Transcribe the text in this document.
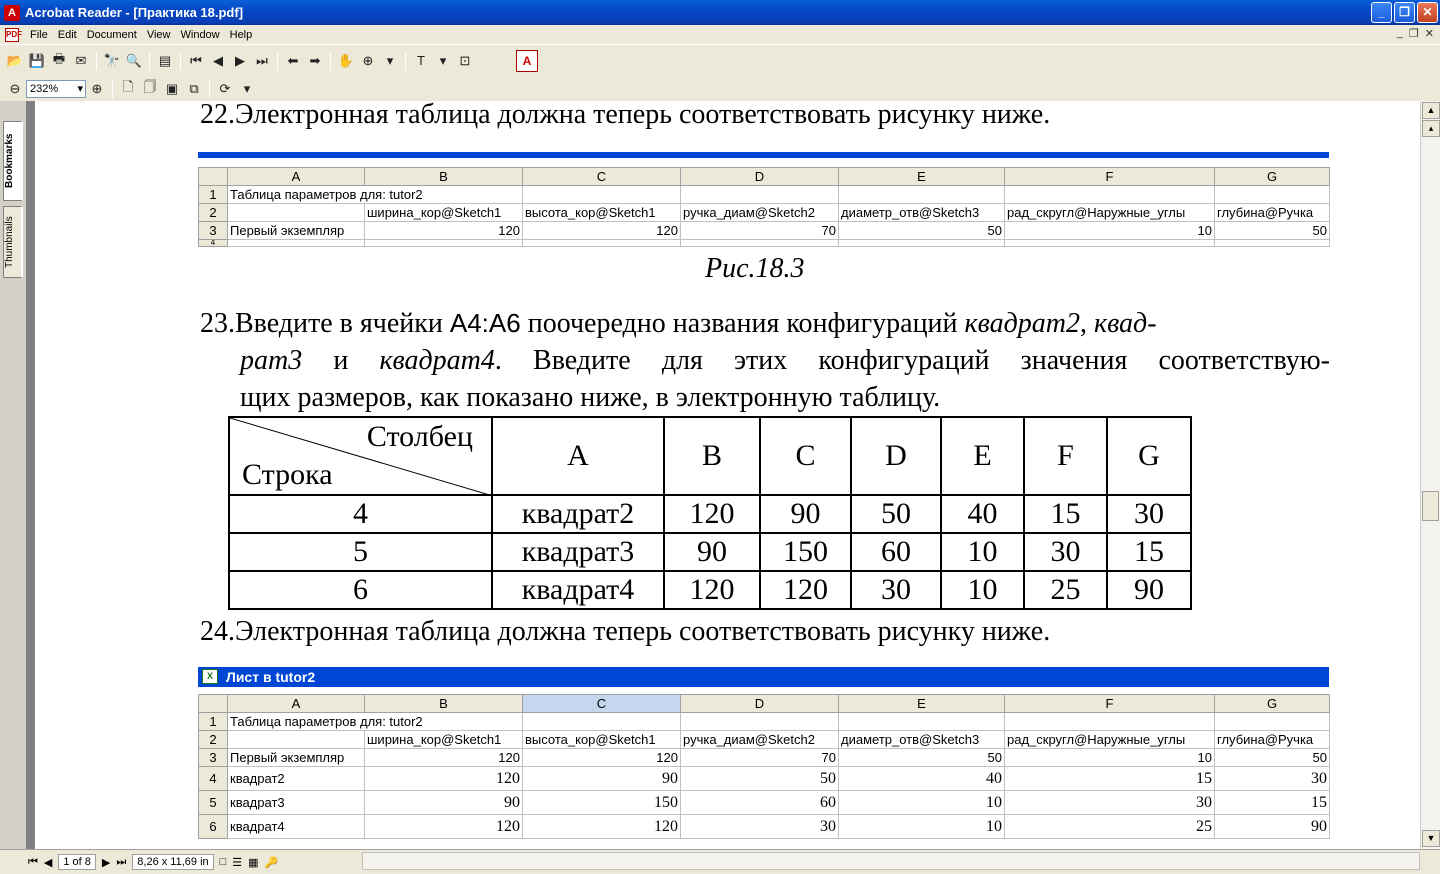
A Acrobat Reader - [Практика 18.pdf]	_	❐	✕
PDF File Edit Document View Window Help	_ ❐ ✕
📂 💾 🖶 ✉	🔭 🔍	▤	⏮ ◀ ▶ ⏭	⬅ ➡	✋ ⊕	▾	T	▾	⊡	A
⊖ 232% ▾ ⊕	🗋 🗍 ▣ ⧉	⟳	▾
Bookmarks
Thumbnails
22.Электронная таблица должна теперь соответствовать рисунку ниже.
	A	B	C	D	E	F	G
1	Таблица параметров для: tutor2						
2		ширина_кор@Sketch1	высота_кор@Sketch1	ручка_диам@Sketch2	диаметр_отв@Sketch3	рад_скругл@Наружные_углы	глубина@Ручка
3	Первый экземпляр	120	120	70	50	10	50
4							
Рис.18.3
23.Введите в ячейки А4:А6 поочередно названия конфигураций квадрат2, квад-
рат3 и квадрат4. Введите для этих конфигураций значения соответствую-
щих размеров, как показано ниже, в электронную таблицу.
Столбец
Строка	A	B	C	D	E	F	G
4	квадрат2	120	90	50	40	15	30
5	квадрат3	90	150	60	10	30	15
6	квадрат4	120	120	30	10	25	90
24.Электронная таблица должна теперь соответствовать рисунку ниже.
X Лист в tutor2
	A	B	C	D	E	F	G
1	Таблица параметров для: tutor2						
2		ширина_кор@Sketch1	высота_кор@Sketch1	ручка_диам@Sketch2	диаметр_отв@Sketch3	рад_скругл@Наружные_углы	глубина@Ручка
3	Первый экземпляр	120	120	70	50	10	50
4	квадрат2	120	90	50	40	15	30
5	квадрат3	90	150	60	10	30	15
6	квадрат4	120	120	30	10	25	90
▲
▴
▼
⏮ ◀	1 of 8	▶ ⏭	8,26 x 11,69 in	□ ☰ ▦ 🔑
